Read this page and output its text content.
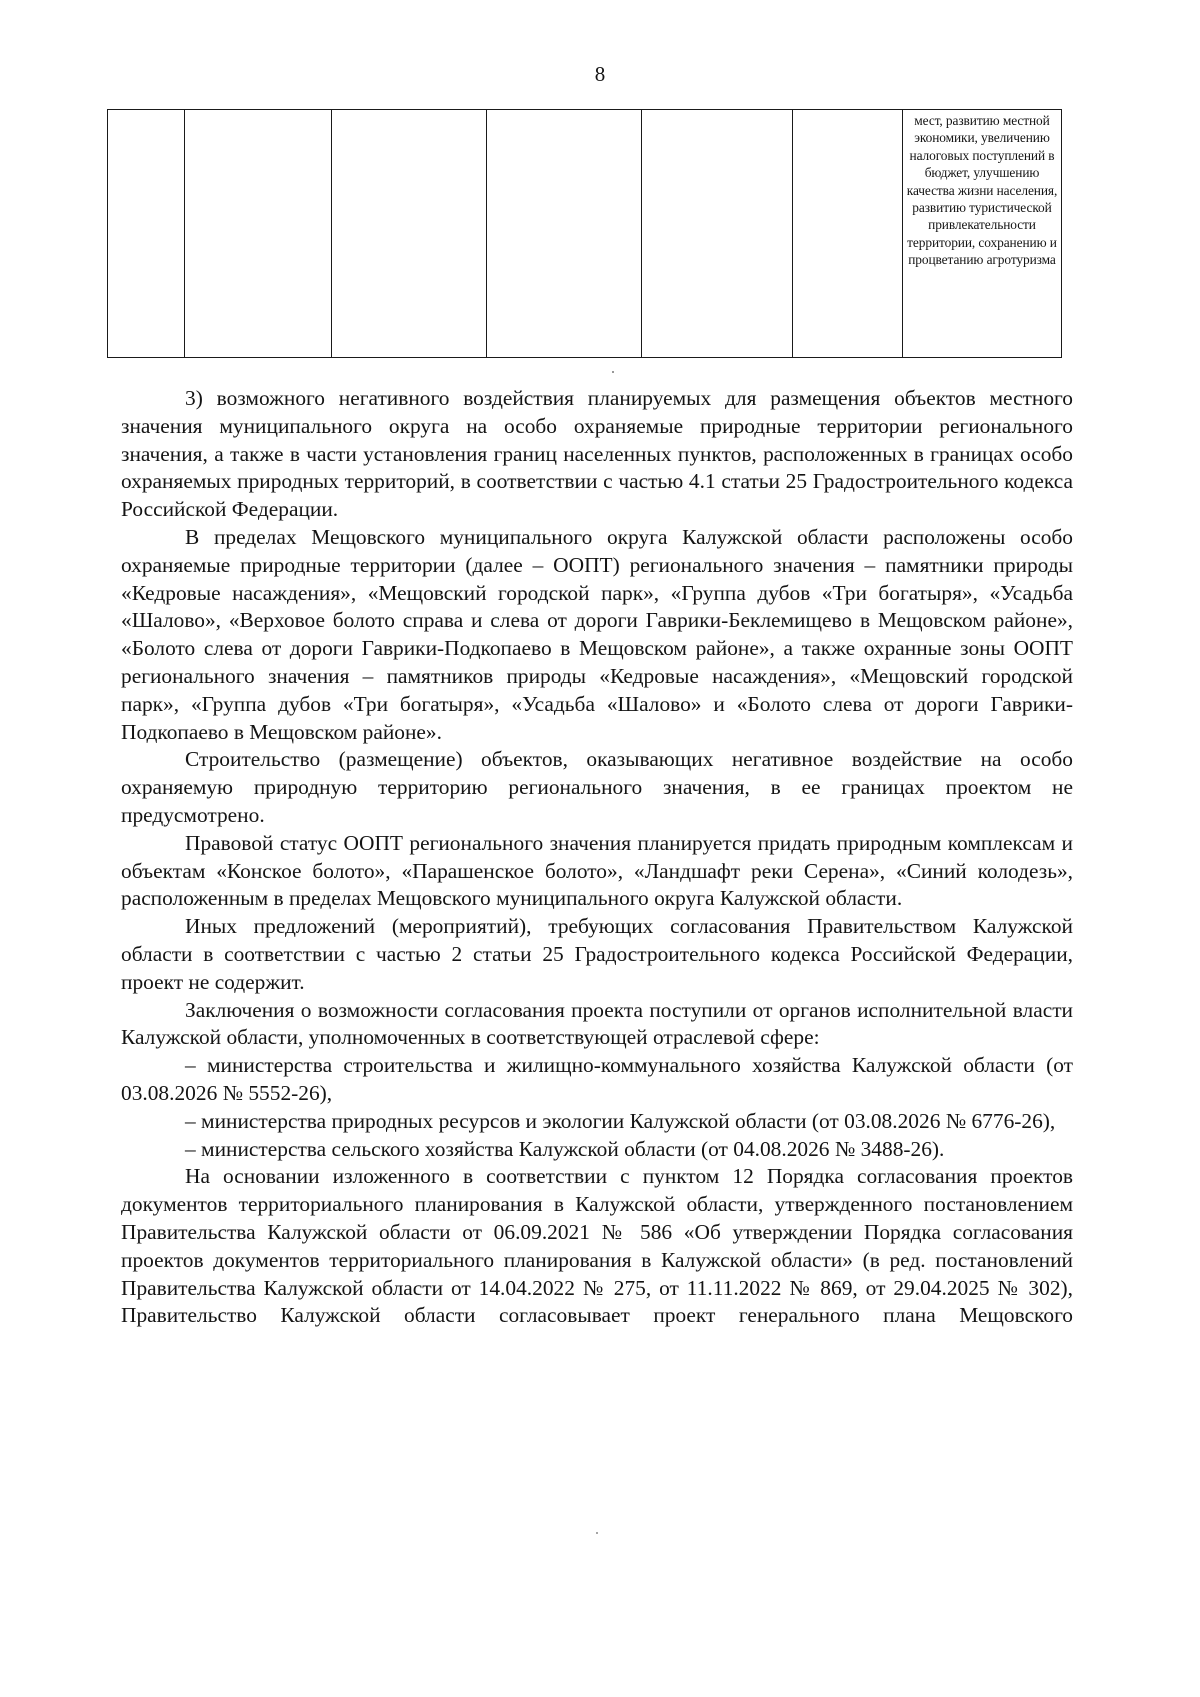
8

мест, развитию местной экономики, увеличению налоговых поступлений в бюджет, улучшению качества жизни населения, развитию туристической привлекательности территории, сохранению и процветанию агротуризма

3) возможного негативного воздействия планируемых для размещения объектов местного значения муниципального округа на особо охраняемые природные территории регионального значения, а также в части установления границ населенных пунктов, расположенных в границах особо охраняемых природных территорий, в соответствии с частью 4.1 статьи 25 Градостроительного кодекса Российской Федерации.

В пределах Мещовского муниципального округа Калужской области расположены особо охраняемые природные территории (далее – ООПТ) регионального значения – памятники природы «Кедровые насаждения», «Мещовский городской парк», «Группа дубов «Три богатыря», «Усадьба «Шалово», «Верховое болото справа и слева от дороги Гаврики-Беклемищево в Мещовском районе», «Болото слева от дороги Гаврики-Подкопаево в Мещовском районе», а также охранные зоны ООПТ регионального значения – памятников природы «Кедровые насаждения», «Мещовский городской парк», «Группа дубов «Три богатыря», «Усадьба «Шалово» и «Болото слева от дороги Гаврики-Подкопаево в Мещовском районе».

Строительство (размещение) объектов, оказывающих негативное воздействие на особо охраняемую природную территорию регионального значения, в ее границах проектом не предусмотрено.

Правовой статус ООПТ регионального значения планируется придать природным комплексам и объектам «Конское болото», «Парашенское болото», «Ландшафт реки Серена», «Синий колодезь», расположенным в пределах Мещовского муниципального округа Калужской области.

Иных предложений (мероприятий), требующих согласования Правительством Калужской области в соответствии с частью 2 статьи 25 Градостроительного кодекса Российской Федерации, проект не содержит.

Заключения о возможности согласования проекта поступили от органов исполнительной власти Калужской области, уполномоченных в соответствующей отраслевой сфере:

– министерства строительства и жилищно-коммунального хозяйства Калужской области (от 03.08.2026 № 5552-26),

– министерства природных ресурсов и экологии Калужской области (от 03.08.2026 № 6776-26),

– министерства сельского хозяйства Калужской области (от 04.08.2026 № 3488-26).

На основании изложенного в соответствии с пунктом 12 Порядка согласования проектов документов территориального планирования в Калужской области, утвержденного постановлением Правительства Калужской области от 06.09.2021 № 586 «Об утверждении Порядка согласования проектов документов территориального планирования в Калужской области» (в ред. постановлений Правительства Калужской области от 14.04.2022 № 275, от 11.11.2022 № 869, от 29.04.2025 № 302), Правительство Калужской области согласовывает проект генерального плана Мещовского
